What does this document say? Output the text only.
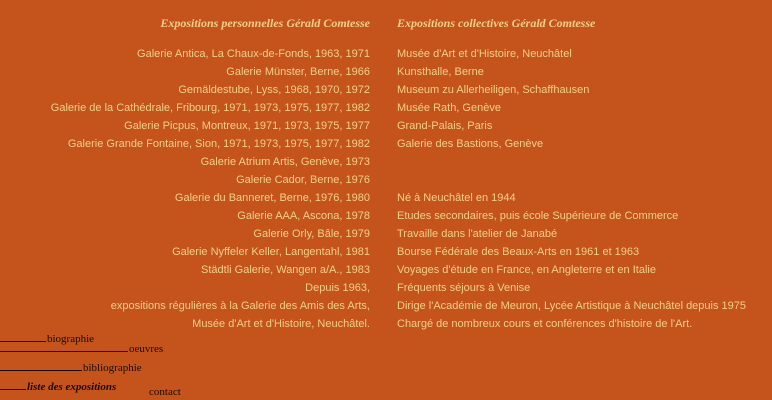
Expositions personnelles Gérald Comtesse Expositions collectives Gérald Comtesse
Galerie Antica, La Chaux-de-Fonds, 1963, 1971
Galerie Münster, Berne, 1966
Gemäldestube, Lyss, 1968, 1970, 1972
Galerie de la Cathédrale, Fribourg, 1971, 1973, 1975, 1977, 1982
Galerie Picpus, Montreux, 1971, 1973, 1975, 1977
Galerie Grande Fontaine, Sion, 1971, 1973, 1975, 1977, 1982
Galerie Atrium Artis, Genève, 1973
Galerie Cador, Berne, 1976
Galerie du Banneret, Berne, 1976, 1980
Galerie AAA, Ascona, 1978
Galerie Orly, Bâle, 1979
Galerie Nyffeler Keller, Langentahl, 1981
Städtli Galerie, Wangen a/A., 1983
Depuis 1963,
expositions régulières à la Galerie des Amis des Arts,
Musée d'Art et d'Histoire, Neuchâtel.
Musée d'Art et d'Histoire, Neuchâtel
Kunsthalle, Berne
Museum zu Allerheiligen, Schaffhausen
Musée Rath, Genève
Grand-Palais, Paris
Galerie des Bastions, Genève
Né à Neuchâtel en 1944
Etudes secondaires, puis école Supérieure de Commerce
Travaille dans l'atelier de Janabé
Bourse Fédérale des Beaux-Arts en 1961 et 1963
Voyages d'étude en France, en Angleterre et en Italie
Fréquents séjours à Venise
Dirige l'Académie de Meuron, Lycée Artistique à Neuchâtel depuis 1975
Chargé de nombreux cours et conférences d'histoire de l'Art.
biographie
oeuvres
bibliographie
liste des expositions	contact
